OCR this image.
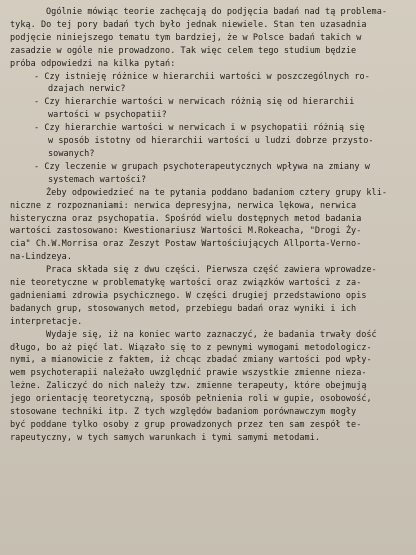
Ogólnie mówiąc teorie zachęcają do podjęcia badań nad tą problema-
tyką. Do tej pory badań tych było jednak niewiele. Stan ten uzasadnia
podjęcie niniejszego tematu tym bardziej, że w Polsce badań takich w
zasadzie w ogóle nie prowadzono. Tak więc celem tego studium będzie
próba odpowiedzi na kilka pytań:
- Czy istnieję różnice w hierarchii wartości w poszczególnych ro-
dzajach nerwic?
- Czy hierarchie wartości w nerwicach różnią się od hierarchii
wartości w psychopatii?
- Czy hierarchie wartości w nerwicach i w psychopatii różnią się
w sposób istotny od hierarchii wartości u ludzi dobrze przysto-
sowanych?
- Czy leczenie w grupach psychoterapeutycznych wpływa na zmiany w
systemach wartości?
Żeby odpowiedzieć na te pytania poddano badaniom cztery grupy kli-
niczne z rozpoznaniami: nerwica depresyjna, nerwica lękowa, nerwica
histeryczna oraz psychopatia. Spośród wielu dostępnych metod badania
wartości zastosowano: Kwestionariusz Wartości M.Rokeacha, "Drogi Ży-
cia" Ch.W.Morrisa oraz Zeszyt Postaw Wartościujących Allporta-Verno-
na-Lindzeya.
Praca składa się z dwu części. Pierwsza część zawiera wprowadze-
nie teoretyczne w problematykę wartości oraz związków wartości z za-
gadnieniami zdrowia psychicznego. W części drugiej przedstawiono opis
badanych grup, stosowanych metod, przebiegu badań oraz wyniki i ich
interpretacje.
Wydaje się, iż na koniec warto zaznaczyć, że badania trwały dość
długo, bo aż pięć lat. Wiązało się to z pewnymi wymogami metodologicz-
nymi, a mianowicie z faktem, iż chcąc zbadać zmiany wartości pod wpły-
wem psychoterapii należało uwzględnić prawie wszystkie zmienne nieza-
leżne. Zaliczyć do nich należy tzw. zmienne terapeuty, które obejmują
jego orientację teoretyczną, sposób pełnienia roli w gupie, osobowość,
stosowane techniki itp. Z tych względów badaniom porównawczym mogły
być poddane tylko osoby z grup prowadzonych przez ten sam zespół te-
rapeutyczny, w tych samych warunkach i tymi samymi metodami.
